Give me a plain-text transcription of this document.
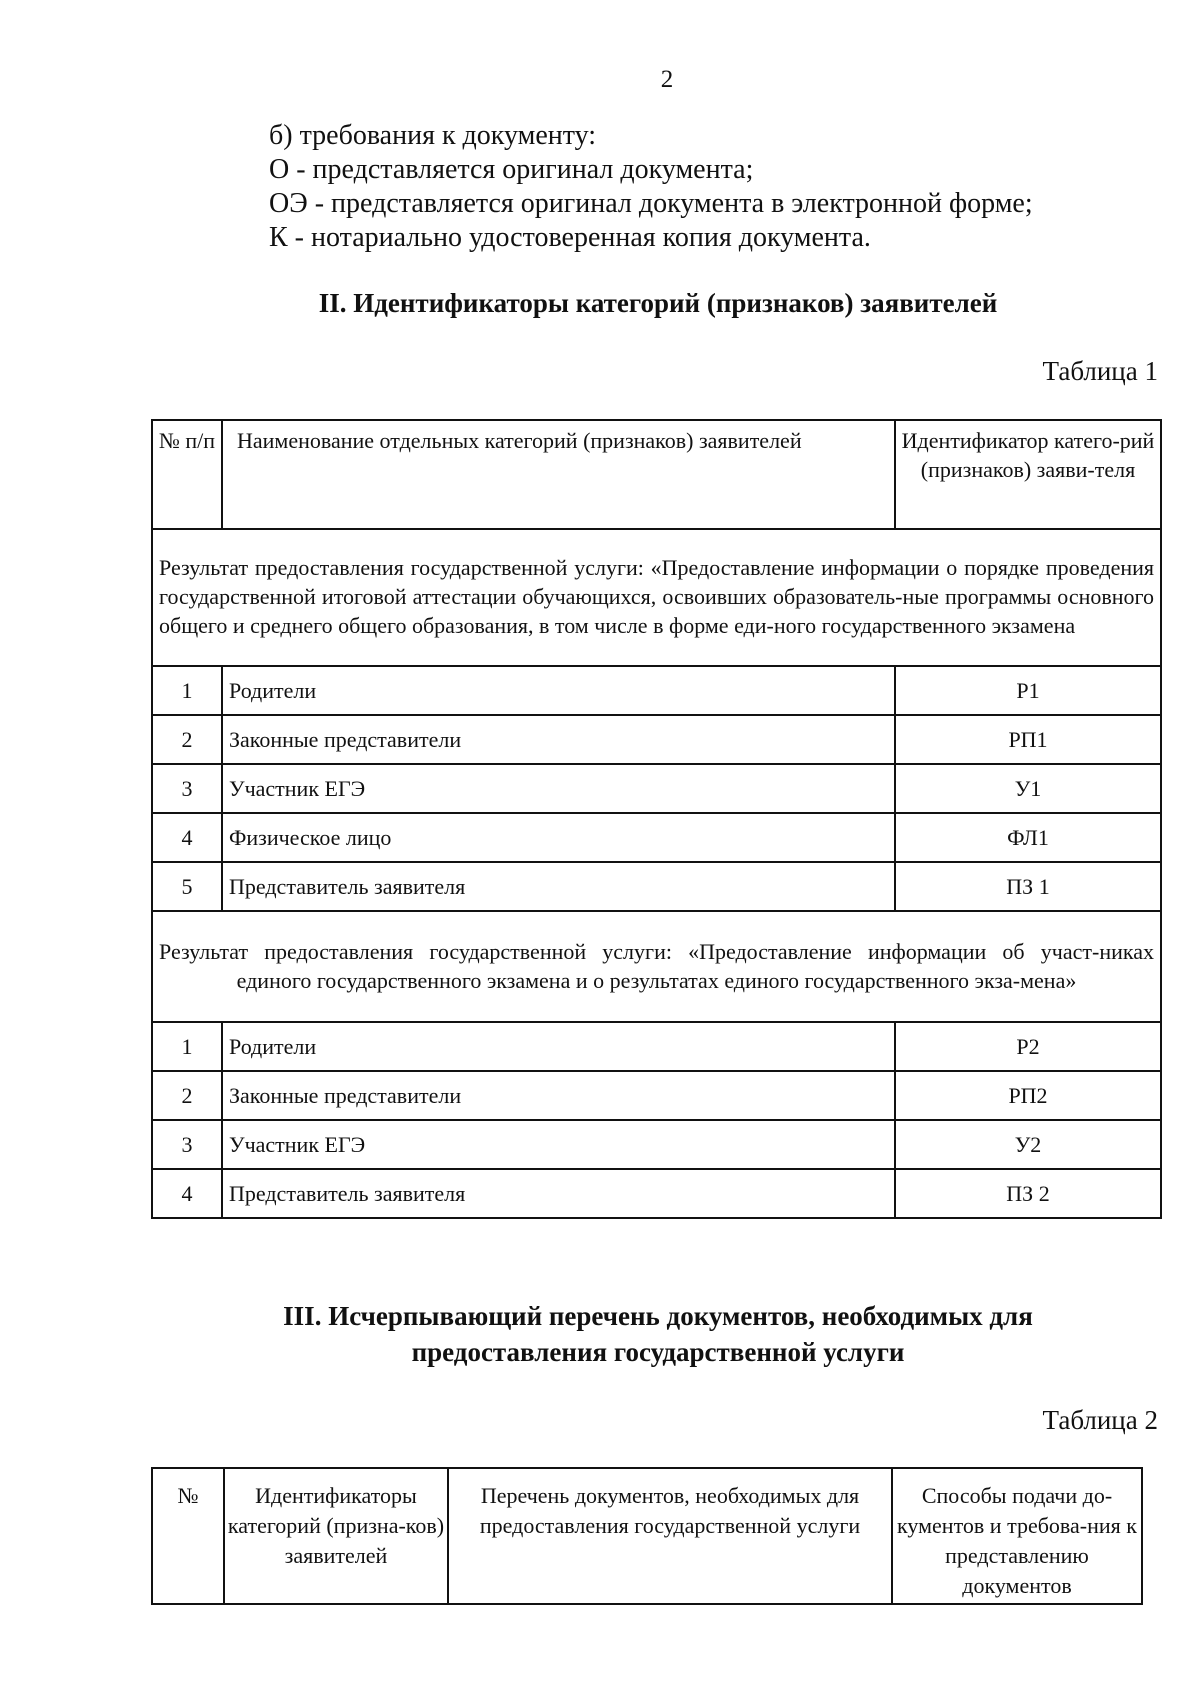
2
б) требования к документу:
О - представляется оригинал документа;
ОЭ - представляется оригинал документа в электронной форме;
К - нотариально удостоверенная копия документа.
II. Идентификаторы категорий (признаков) заявителей
Таблица 1
№ п/п	Наименование отдельных категорий (признаков) заявителей	Идентификатор катего-рий (признаков) заяви-теля
Результат предоставления государственной услуги: «Предоставление информации о порядке проведения государственной итоговой аттестации обучающихся, освоивших образователь-ные программы основного общего и среднего общего образования, в том числе в форме еди-ного государственного экзамена		
1	Родители	Р1
2	Законные представители	РП1
3	Участник ЕГЭ	У1
4	Физическое лицо	ФЛ1
5	Представитель заявителя	ПЗ 1
Результат предоставления государственной услуги: «Предоставление информации об участ-никах единого государственного экзамена и о результатах единого государственного экза-мена»		
1	Родители	Р2
2	Законные представители	РП2
3	Участник ЕГЭ	У2
4	Представитель заявителя	ПЗ 2
III. Исчерпывающий перечень документов, необходимых для
предоставления государственной услуги
Таблица 2
№	Идентификаторы категорий (призна-ков) заявителей	Перечень документов, необходимых для предоставления государственной услуги	Способы подачи до-кументов и требова-ния к представлению документов
